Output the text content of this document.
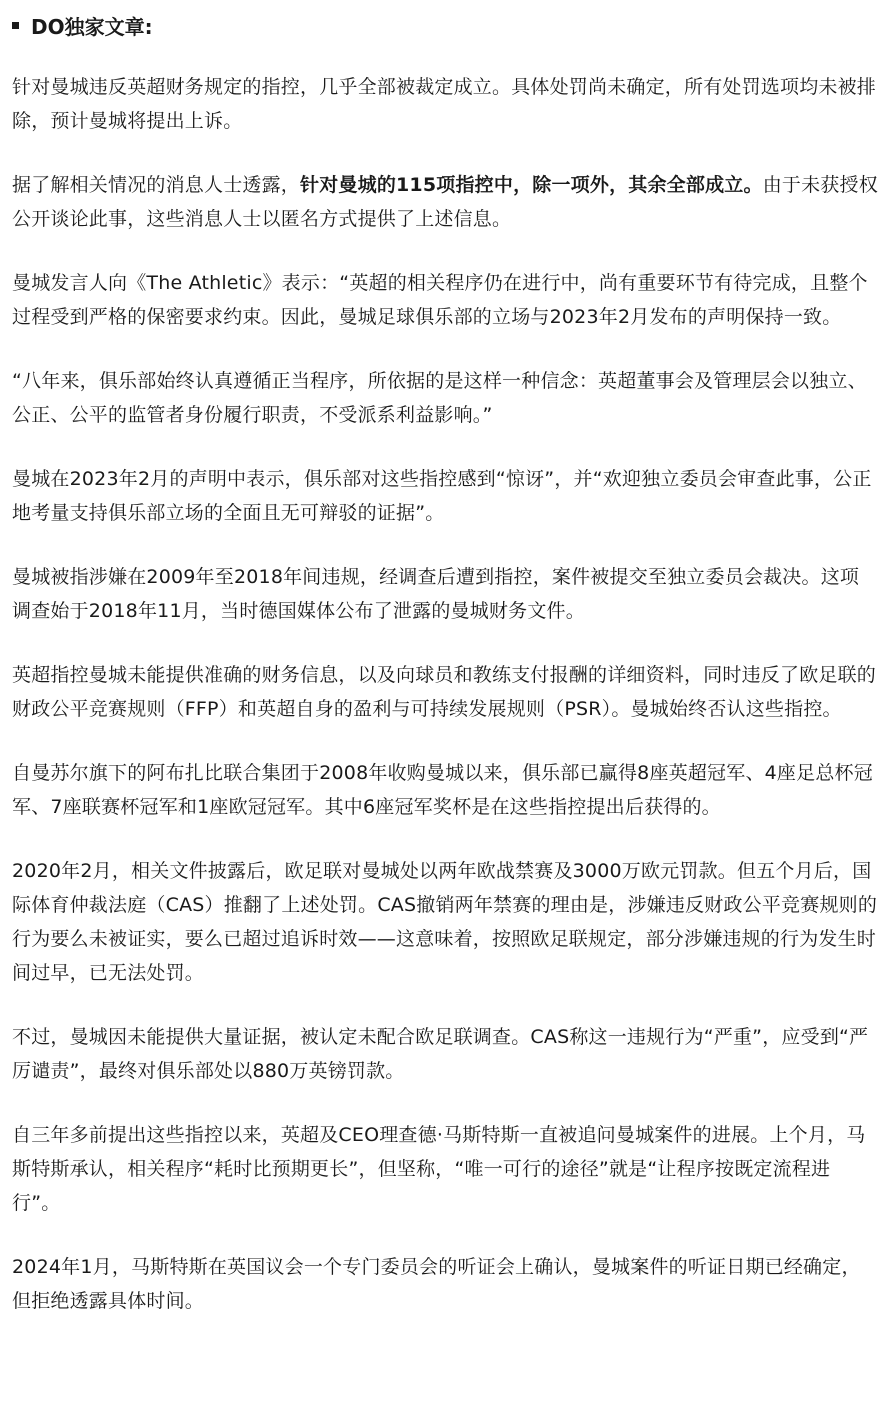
DO独家文章:

针对曼城违反英超财务规定的指控，几乎全部被裁定成立。具体处罚尚未确定，所有处罚选项均未被排除，预计曼城将提出上诉。

据了解相关情况的消息人士透露，针对曼城的115项指控中，除一项外，其余全部成立。由于未获授权公开谈论此事，这些消息人士以匿名方式提供了上述信息。

曼城发言人向《The Athletic》表示：“英超的相关程序仍在进行中，尚有重要环节有待完成，且整个过程受到严格的保密要求约束。因此，曼城足球俱乐部的立场与2023年2月发布的声明保持一致。

“八年来，俱乐部始终认真遵循正当程序，所依据的是这样一种信念：英超董事会及管理层会以独立、公正、公平的监管者身份履行职责，不受派系利益影响。”

曼城在2023年2月的声明中表示，俱乐部对这些指控感到“惊讶”，并“欢迎独立委员会审查此事，公正地考量支持俱乐部立场的全面且无可辩驳的证据”。

曼城被指涉嫌在2009年至2018年间违规，经调查后遭到指控，案件被提交至独立委员会裁决。这项调查始于2018年11月，当时德国媒体公布了泄露的曼城财务文件。

英超指控曼城未能提供准确的财务信息，以及向球员和教练支付报酬的详细资料，同时违反了欧足联的财政公平竞赛规则（FFP）和英超自身的盈利与可持续发展规则（PSR）。曼城始终否认这些指控。

自曼苏尔旗下的阿布扎比联合集团于2008年收购曼城以来，俱乐部已赢得8座英超冠军、4座足总杯冠军、7座联赛杯冠军和1座欧冠冠军。其中6座冠军奖杯是在这些指控提出后获得的。

2020年2月，相关文件披露后，欧足联对曼城处以两年欧战禁赛及3000万欧元罚款。但五个月后，国际体育仲裁法庭（CAS）推翻了上述处罚。CAS撤销两年禁赛的理由是，涉嫌违反财政公平竞赛规则的行为要么未被证实，要么已超过追诉时效——这意味着，按照欧足联规定，部分涉嫌违规的行为发生时间过早，已无法处罚。

不过，曼城因未能提供大量证据，被认定未配合欧足联调查。CAS称这一违规行为“严重”，应受到“严厉谴责”，最终对俱乐部处以880万英镑罚款。

自三年多前提出这些指控以来，英超及CEO理查德·马斯特斯一直被追问曼城案件的进展。上个月，马斯特斯承认，相关程序“耗时比预期更长”，但坚称，“唯一可行的途径”就是“让程序按既定流程进行”。

2024年1月，马斯特斯在英国议会一个专门委员会的听证会上确认，曼城案件的听证日期已经确定，但拒绝透露具体时间。
